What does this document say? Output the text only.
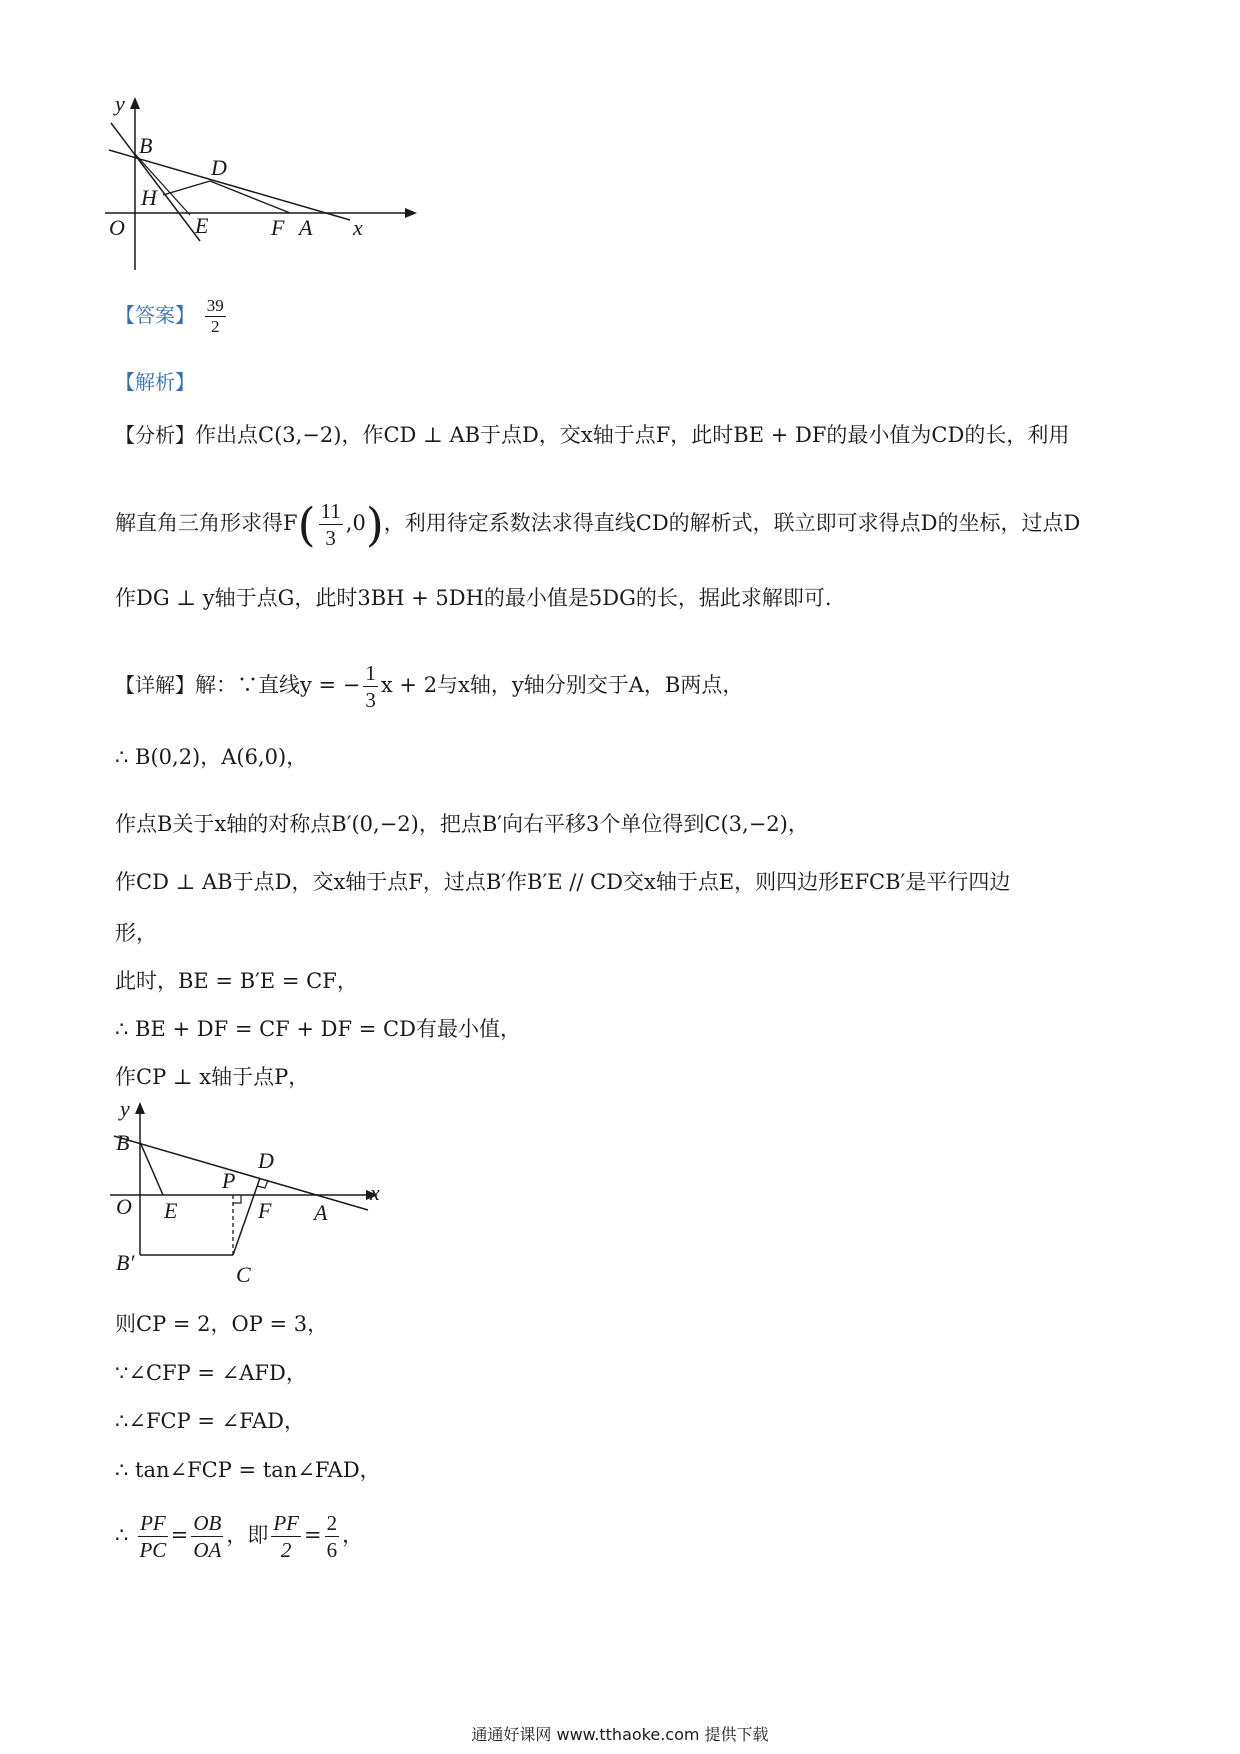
y
B
D
H
O	E	F A x
【答案】 $\frac{39}{2}$
【解析】
【分析】作出点C(3,−2)，作CD ⊥ AB于点D，交x轴于点F，此时BE + DF的最小值为CD的长，利用
解直角三角形求得$F( \frac{11}{3} ,0)$，利用待定系数法求得直线CD的解析式，联立即可求得点D的坐标，过点D
作DG ⊥ y轴于点G，此时3BH + 5DH的最小值是5DG的长，据此求解即可.
【详解】解：∵直线y = − $\frac{1}{3}$ x + 2与x轴，y轴分别交于A，B两点，
∴ B(0,2)，A(6,0)，
作点B关于x轴的对称点B′(0,−2)，把点B′向右平移3个单位得到C(3,−2)，
作CD ⊥ AB于点D，交x轴于点F，过点B′作B′E // CD交x轴于点E，则四边形EFCB′是平行四边
形，
此时，BE = B′E = CF，
∴ BE + DF = CF + DF = CD有最小值，
作CP ⊥ x轴于点P，
y
B
D
P	x
O E	F A
B′	C
则CP = 2，OP = 3，
∵∠CFP = ∠AFD，
∴∠FCP = ∠FAD，
∴ tan∠FCP = tan∠FAD，
∴ $\frac{PF}{PC} = \frac{OB}{OA}$ ，即 $\frac{PF}{2} = \frac{2}{6}$ ，
通通好课网 www.tthaoke.com 提供下载
